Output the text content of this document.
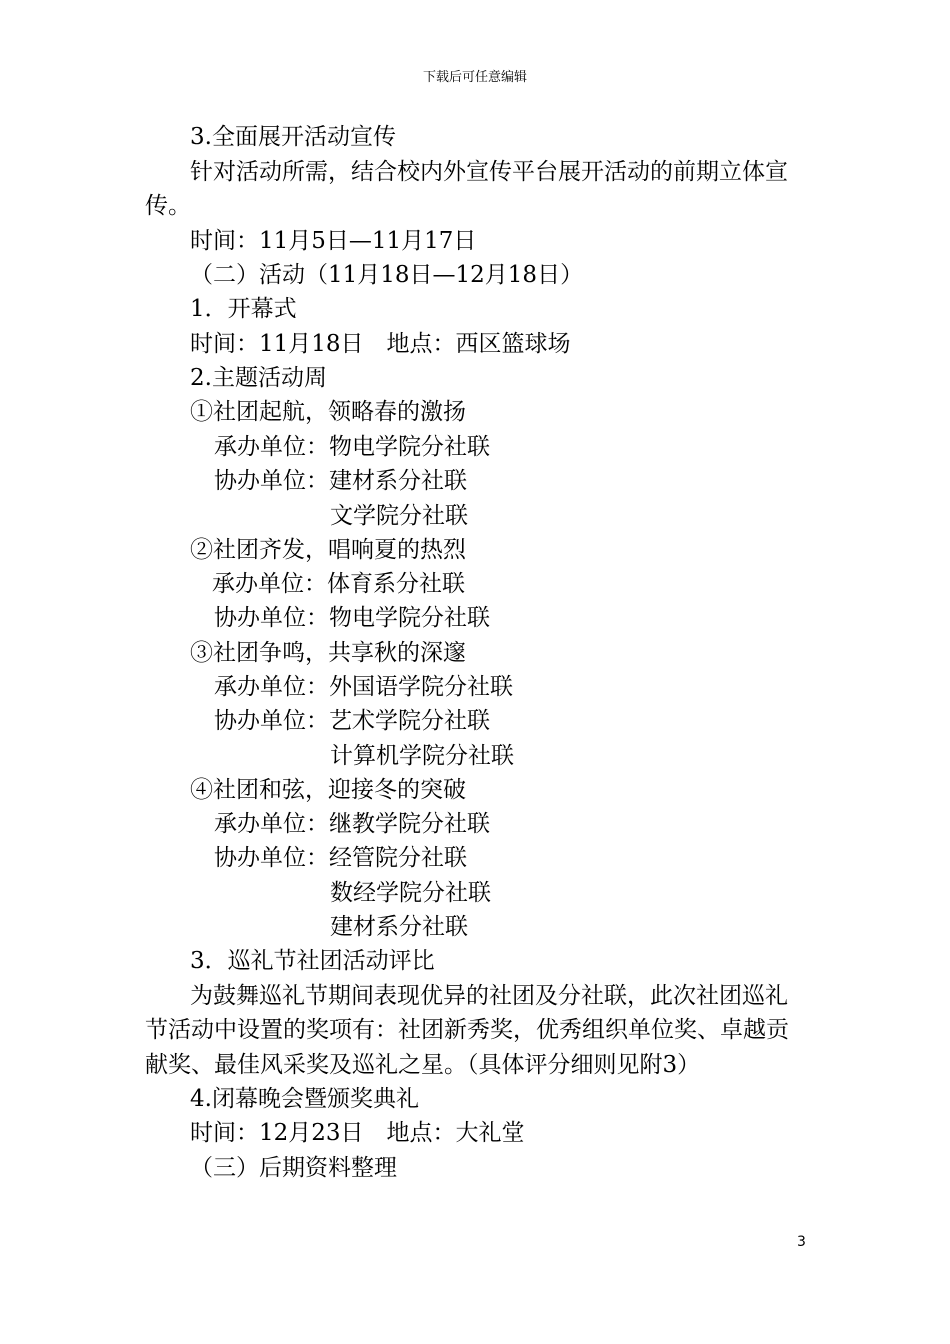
下载后可任意编辑
3.全面展开活动宣传
针对活动所需，结合校内外宣传平台展开活动的前期立体宣
传。
时间：11月5日—11月17日
（二）活动（11月18日—12月18日）
1．开幕式
时间：11月18日　地点：西区篮球场
2.主题活动周
①社团起航，领略春的激扬
承办单位：物电学院分社联
协办单位：建材系分社联
文学院分社联
②社团齐发，唱响夏的热烈
承办单位：体育系分社联
协办单位：物电学院分社联
③社团争鸣，共享秋的深邃
承办单位：外国语学院分社联
协办单位：艺术学院分社联
计算机学院分社联
④社团和弦，迎接冬的突破
承办单位：继教学院分社联
协办单位：经管院分社联
数经学院分社联
建材系分社联
3．巡礼节社团活动评比
为鼓舞巡礼节期间表现优异的社团及分社联，此次社团巡礼
节活动中设置的奖项有：社团新秀奖，优秀组织单位奖、卓越贡
献奖、最佳风采奖及巡礼之星。（具体评分细则见附3）
4.闭幕晚会暨颁奖典礼
时间：12月23日　地点：大礼堂
（三）后期资料整理
3
